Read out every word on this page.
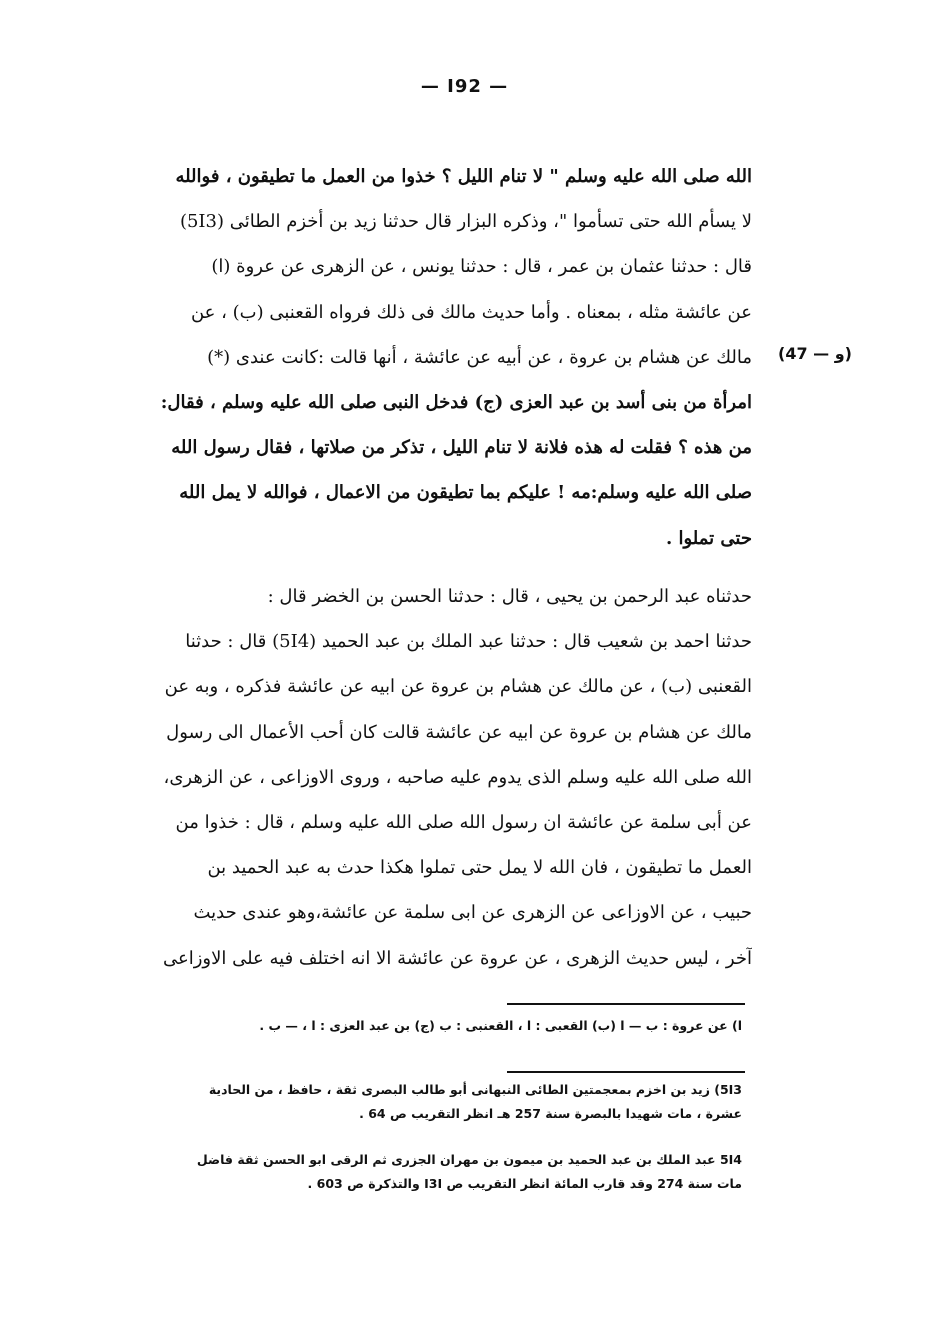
— I92 —
(47 — و)
الله صلى الله عليه وسلم " لا تنام الليل ؟ خذوا من العمل ما تطيقون ، فوالله
لا يسأم الله حتى تسأموا "، وذكره البزار قال حدثنا زيد بن أخزم الطائى (5I3)
قال : حدثنا عثمان بن عمر ، قال : حدثنا يونس ، عن الزهرى عن عروة (ا)
عن عائشة مثله ، بمعناه . وأما حديث مالك فى ذلك فرواه القعنبى (ب) ، عن
مالك عن هشام بن عروة ، عن أبيه عن عائشة ، أنها قالت :كانت عندى (*)
امرأة من بنى أسد بن عبد العزى (ج) فدخل النبى صلى الله عليه وسلم ، فقال:
من هذه ؟ فقلت له هذه فلانة لا تنام الليل ، تذكر من صلاتها ، فقال رسول الله
صلى الله عليه وسلم:مه ! عليكم بما تطيقون من الاعمال ، فوالله لا يمل الله
حتى تملوا .
حدثناه عبد الرحمن بن يحيى ، قال : حدثنا الحسن بن الخضر قال :
حدثنا احمد بن شعيب قال : حدثنا عبد الملك بن عبد الحميد (5I4) قال : حدثنا
القعنبى (ب) ، عن مالك عن هشام بن عروة عن ابيه عن عائشة فذكره ، وبه عن
مالك عن هشام بن عروة عن ابيه عن عائشة قالت كان أحب الأعمال الى رسول
الله صلى الله عليه وسلم الذى يدوم عليه صاحبه ، وروى الاوزاعى ، عن الزهرى،
عن أبى سلمة عن عائشة ان رسول الله صلى الله عليه وسلم ، قال : خذوا من
العمل ما تطيقون ، فان الله لا يمل حتى تملوا هكذا حدث به عبد الحميد بن
حبيب ، عن الاوزاعى عن الزهرى عن ابى سلمة عن عائشة،وهو عندى حديث
آخر ، ليس حديث الزهرى ، عن عروة عن عائشة الا انه اختلف فيه على الاوزاعى
ا) عن عروة : ب — ا (ب) القعبى : ا ، القعنبى : ب (ج) بن عبد العزى : ا ، — ب .
5I3) زيد بن اخزم بمعجمتين الطائى النبهانى أبو طالب البصرى ثقة ، حافظ ، من الحادية
عشرة ، مات شهيدا بالبصرة سنة 257 هـ انظر التقريب ص 64 .
5I4 عبد الملك بن عبد الحميد بن ميمون بن مهران الجزرى ثم الرقى ابو الحسن ثقة فاضل
مات سنة 274 وقد قارب المائة انظر التقريب ص I3I والتذكرة ص 603 .
